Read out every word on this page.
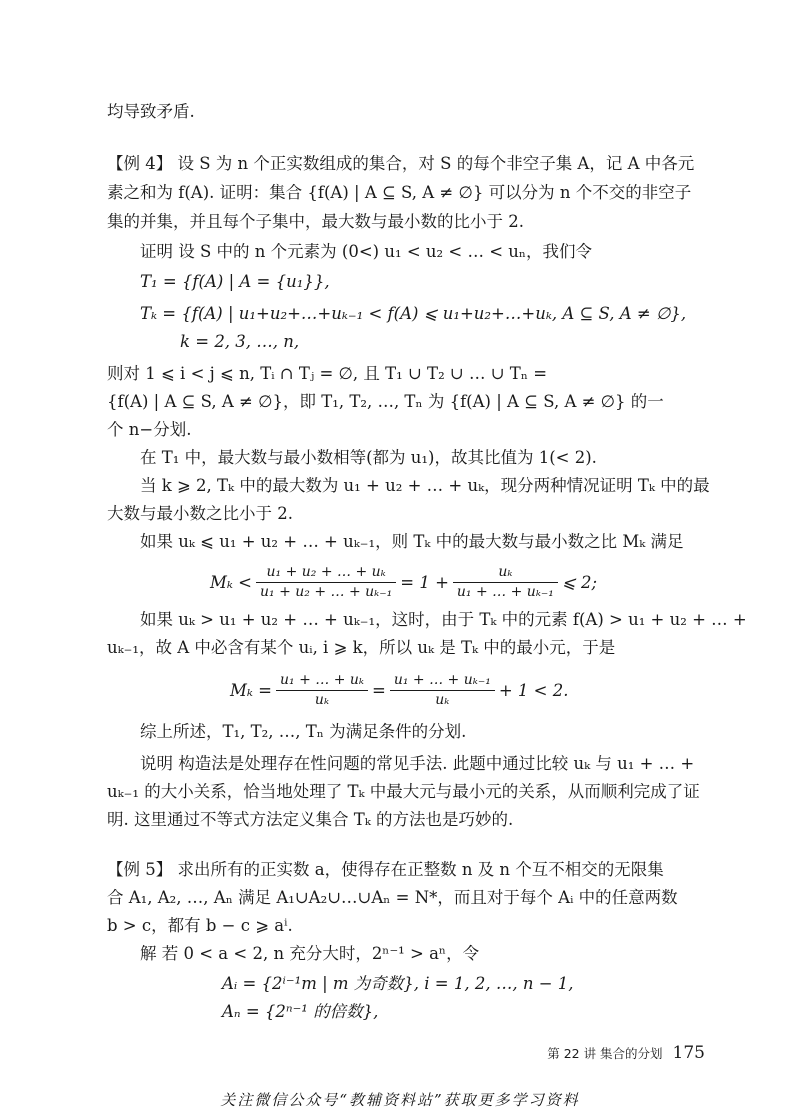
均导致矛盾.
【例 4】 设 S 为 n 个正实数组成的集合，对 S 的每个非空子集 A，记 A 中各元
素之和为 f(A). 证明：集合 {f(A) | A ⊆ S, A ≠ ∅} 可以分为 n 个不交的非空子
集的并集，并且每个子集中，最大数与最小数的比小于 2.
证明 设 S 中的 n 个元素为 (0<) u₁ < u₂ < … < uₙ，我们令
T₁ = {f(A) | A = {u₁}},
Tₖ = {f(A) | u₁+u₂+…+uₖ₋₁ < f(A) ⩽ u₁+u₂+…+uₖ, A ⊆ S, A ≠ ∅},
k = 2, 3, …, n,
则对 1 ⩽ i < j ⩽ n, Tᵢ ∩ Tⱼ = ∅, 且 T₁ ∪ T₂ ∪ … ∪ Tₙ =
{f(A) | A ⊆ S, A ≠ ∅}，即 T₁, T₂, …, Tₙ 为 {f(A) | A ⊆ S, A ≠ ∅} 的一
个 n−分划.
在 T₁ 中，最大数与最小数相等(都为 u₁)，故其比值为 1(< 2).
当 k ⩾ 2, Tₖ 中的最大数为 u₁ + u₂ + … + uₖ，现分两种情况证明 Tₖ 中的最
大数与最小数之比小于 2.
如果 uₖ ⩽ u₁ + u₂ + … + uₖ₋₁，则 Tₖ 中的最大数与最小数之比 Mₖ 满足
$M_k < \frac{\text{u₁ + u₂ + … + uₖ}}{\text{u₁ + u₂ + … + uₖ₋₁}} = 1 + \frac{\text{uₖ}}{\text{u₁ + … + uₖ₋₁}}$ ⩽ 2;
如果 uₖ > u₁ + u₂ + … + uₖ₋₁，这时，由于 Tₖ 中的元素 f(A) > u₁ + u₂ + … +
uₖ₋₁，故 A 中必含有某个 uᵢ, i ⩾ k，所以 uₖ 是 Tₖ 中的最小元，于是
$M_k = \frac{\text{u₁ + … + uₖ}}{\text{uₖ}} = \frac{\text{u₁ + … + uₖ₋₁}}{\text{uₖ}} + 1 < 2$.
综上所述，T₁, T₂, …, Tₙ 为满足条件的分划.
说明 构造法是处理存在性问题的常见手法. 此题中通过比较 uₖ 与 u₁ + … +
uₖ₋₁ 的大小关系，恰当地处理了 Tₖ 中最大元与最小元的关系，从而顺利完成了证
明. 这里通过不等式方法定义集合 Tₖ 的方法也是巧妙的.
【例 5】 求出所有的正实数 a，使得存在正整数 n 及 n 个互不相交的无限集
合 A₁, A₂, …, Aₙ 满足 A₁∪A₂∪…∪Aₙ = N*，而且对于每个 Aᵢ 中的任意两数
b > c，都有 b − c ⩾ aⁱ.
解 若 0 < a < 2, n 充分大时，2ⁿ⁻¹ > aⁿ，令
Aᵢ = {2ⁱ⁻¹m | m 为奇数}, i = 1, 2, …, n − 1,
Aₙ = {2ⁿ⁻¹ 的倍数},
第 22 讲 集合的分划 175
关注微信公众号“教辅资料站”获取更多学习资料
